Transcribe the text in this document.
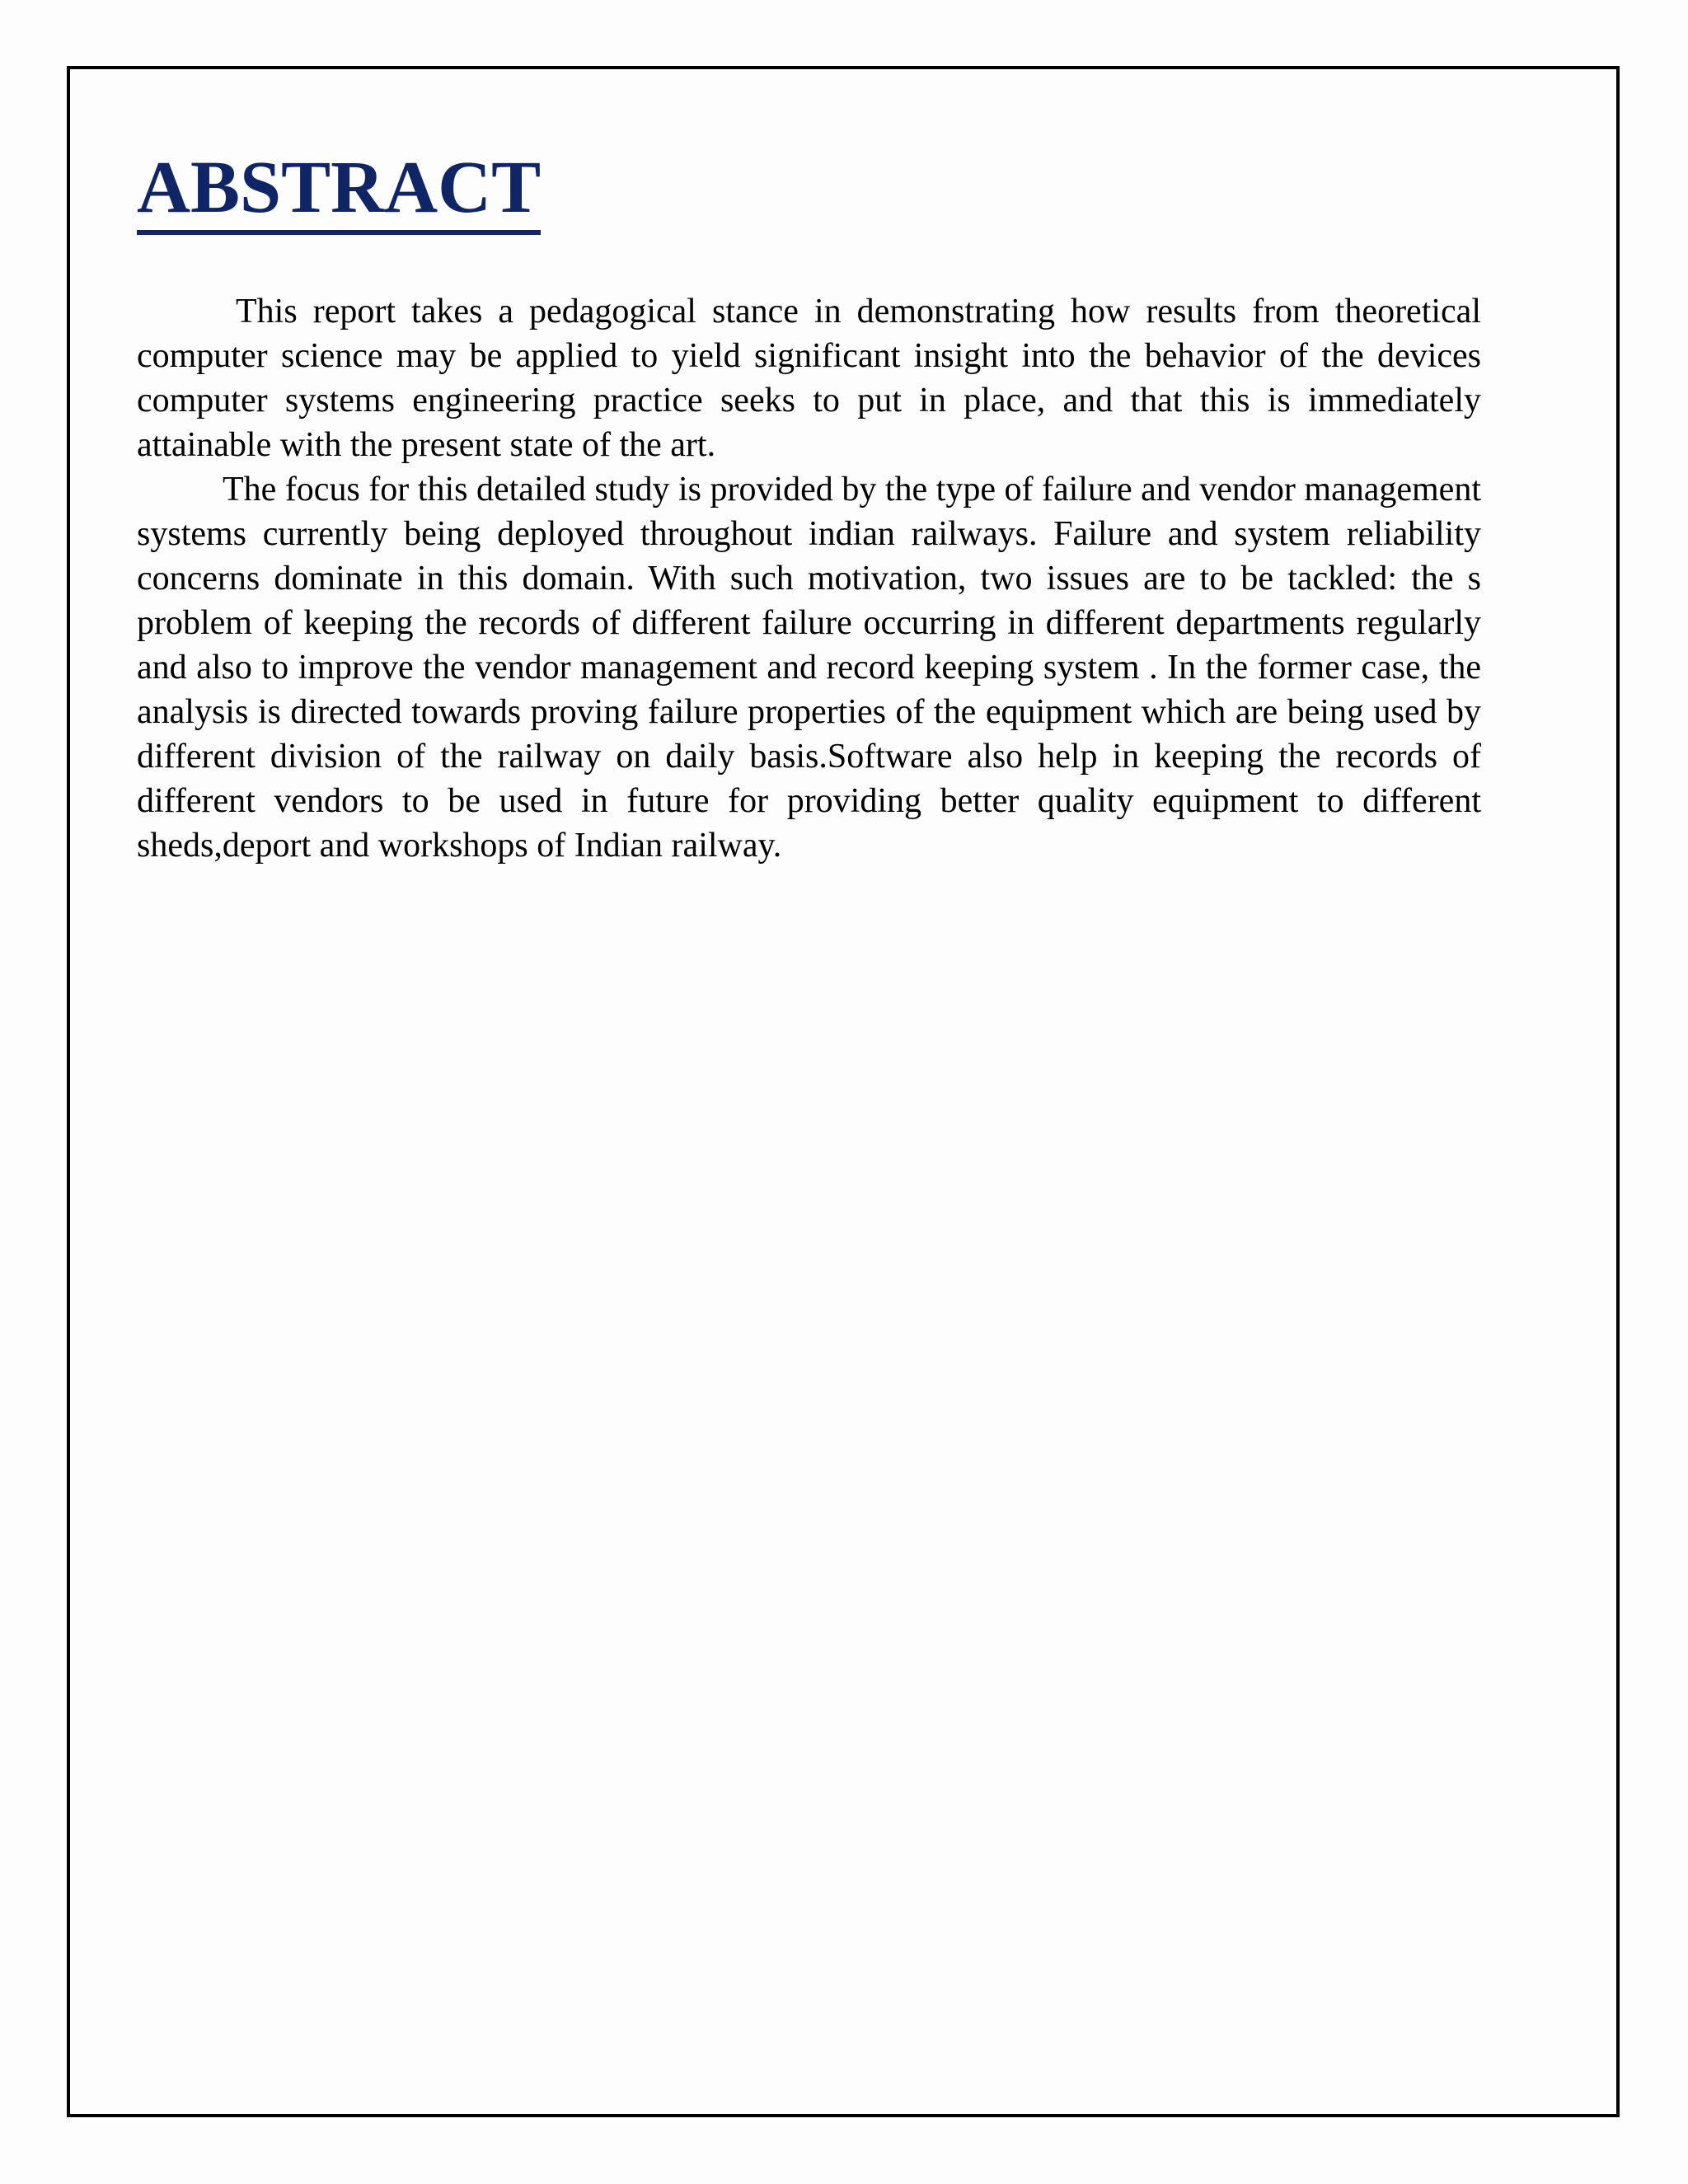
ABSTRACT

This report takes a pedagogical stance in demonstrating how results from theoretical computer science may be applied to yield significant insight into the behavior of the devices computer systems engineering practice seeks to put in place, and that this is immediately attainable with the present state of the art.

The focus for this detailed study is provided by the type of failure and vendor management systems currently being deployed throughout indian railways. Failure and system reliability concerns dominate in this domain. With such motivation, two issues are to be tackled: the s problem of keeping the records of different failure occurring in different departments regularly and also to improve the vendor management and record keeping system . In the former case, the analysis is directed towards proving failure properties of the equipment which are being used by different division of the railway on daily basis.Software also help in keeping the records of different vendors to be used in future for providing better quality equipment to different sheds,deport and workshops of Indian railway.
